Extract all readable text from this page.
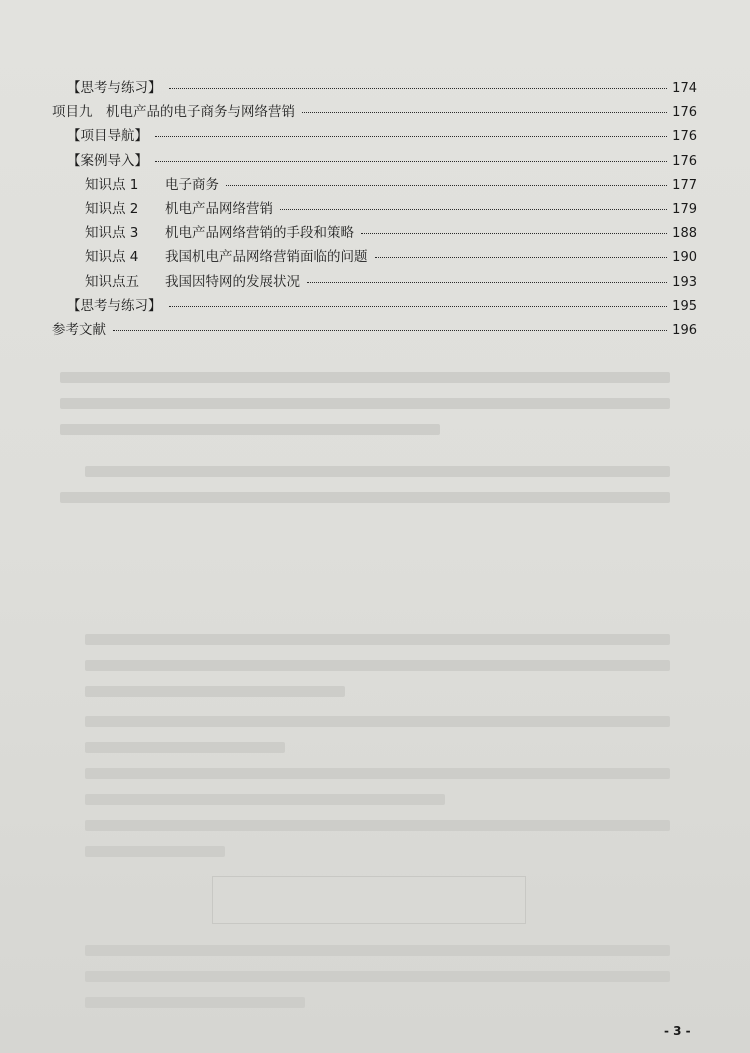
【思考与练习】	174
项目九　机电产品的电子商务与网络营销	176
【项目导航】	176
【案例导入】	176
知识点 1 电子商务	177
知识点 2 机电产品网络营销	179
知识点 3 机电产品网络营销的手段和策略	188
知识点 4 我国机电产品网络营销面临的问题	190
知识点五 我国因特网的发展状况	193
【思考与练习】	195
参考文献	196
- 3 -
